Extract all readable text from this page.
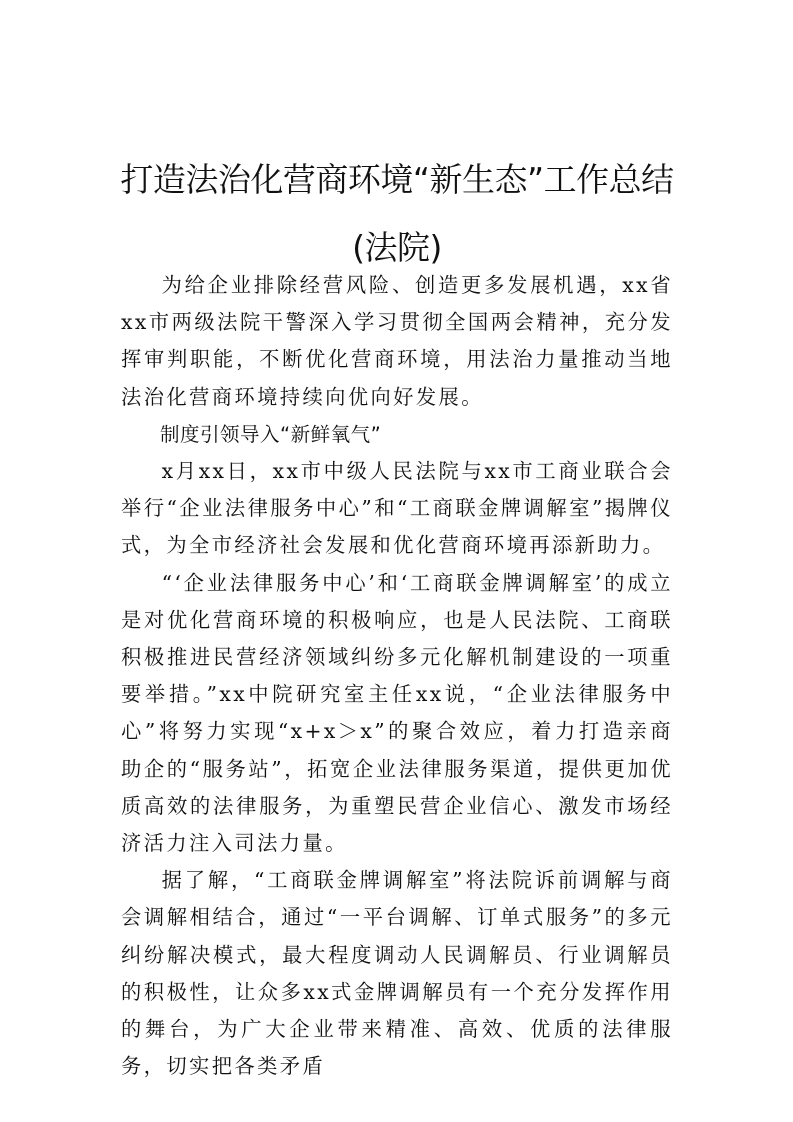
打造法治化营商环境“新生态”工作总结(法院)

为给企业排除经营风险、创造更多发展机遇，xx省xx市两级法院干警深入学习贯彻全国两会精神，充分发挥审判职能，不断优化营商环境，用法治力量推动当地法治化营商环境持续向优向好发展。

制度引领导入“新鲜氧气”

x月xx日，xx市中级人民法院与xx市工商业联合会举行“企业法律服务中心”和“工商联金牌调解室”揭牌仪式，为全市经济社会发展和优化营商环境再添新助力。

“‘企业法律服务中心’和‘工商联金牌调解室’的成立是对优化营商环境的积极响应，也是人民法院、工商联积极推进民营经济领域纠纷多元化解机制建设的一项重要举措。”xx中院研究室主任xx说，“企业法律服务中心”将努力实现“x+x＞x”的聚合效应，着力打造亲商助企的“服务站”，拓宽企业法律服务渠道，提供更加优质高效的法律服务，为重塑民营企业信心、激发市场经济活力注入司法力量。

据了解，“工商联金牌调解室”将法院诉前调解与商会调解相结合，通过“一平台调解、订单式服务”的多元纠纷解决模式，最大程度调动人民调解员、行业调解员的积极性，让众多xx式金牌调解员有一个充分发挥作用的舞台，为广大企业带来精准、高效、优质的法律服务，切实把各类矛盾
